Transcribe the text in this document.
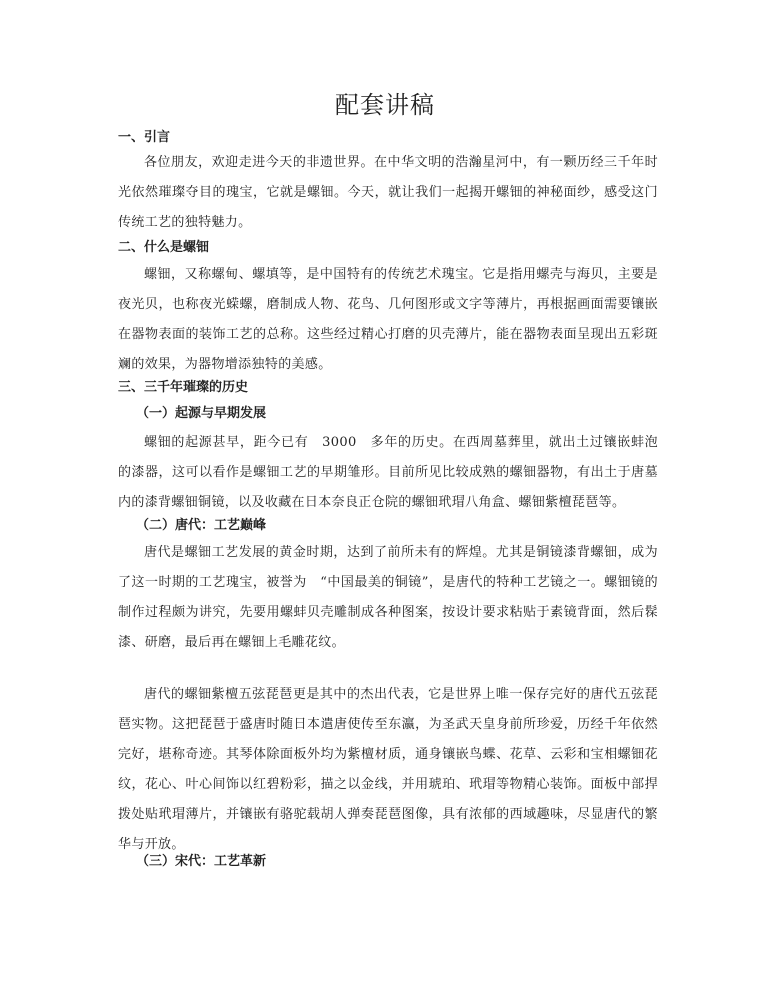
配套讲稿
一、引言
各位朋友，欢迎走进今天的非遗世界。在中华文明的浩瀚星河中，有一颗历经三千年时光依然璀璨夺目的瑰宝，它就是螺钿。今天，就让我们一起揭开螺钿的神秘面纱，感受这门传统工艺的独特魅力。
二、什么是螺钿
螺钿，又称螺甸、螺填等，是中国特有的传统艺术瑰宝。它是指用螺壳与海贝，主要是夜光贝，也称夜光蝾螺，磨制成人物、花鸟、几何图形或文字等薄片，再根据画面需要镶嵌在器物表面的装饰工艺的总称。这些经过精心打磨的贝壳薄片，能在器物表面呈现出五彩斑斓的效果，为器物增添独特的美感。
三、三千年璀璨的历史
（一）起源与早期发展
螺钿的起源甚早，距今已有　3000　多年的历史。在西周墓葬里，就出土过镶嵌蚌泡的漆器，这可以看作是螺钿工艺的早期雏形。目前所见比较成熟的螺钿器物，有出土于唐墓内的漆背螺钿铜镜，以及收藏在日本奈良正仓院的螺钿玳瑁八角盒、螺钿紫檀琵琶等。
（二）唐代：工艺巅峰
唐代是螺钿工艺发展的黄金时期，达到了前所未有的辉煌。尤其是铜镜漆背螺钿，成为了这一时期的工艺瑰宝，被誉为　“中国最美的铜镜”，是唐代的特种工艺镜之一。螺钿镜的制作过程颇为讲究，先要用螺蚌贝壳雕制成各种图案，按设计要求粘贴于素镜背面，然后髹漆、研磨，最后再在螺钿上毛雕花纹。
唐代的螺钿紫檀五弦琵琶更是其中的杰出代表，它是世界上唯一保存完好的唐代五弦琵琶实物。这把琵琶于盛唐时随日本遣唐使传至东瀛，为圣武天皇身前所珍爱，历经千年依然完好，堪称奇迹。其琴体除面板外均为紫檀材质，通身镶嵌鸟蝶、花草、云彩和宝相螺钿花纹，花心、叶心间饰以红碧粉彩，描之以金线，并用琥珀、玳瑁等物精心装饰。面板中部捍拨处贴玳瑁薄片，并镶嵌有骆驼载胡人弹奏琵琶图像，具有浓郁的西域趣味，尽显唐代的繁华与开放。
（三）宋代：工艺革新
